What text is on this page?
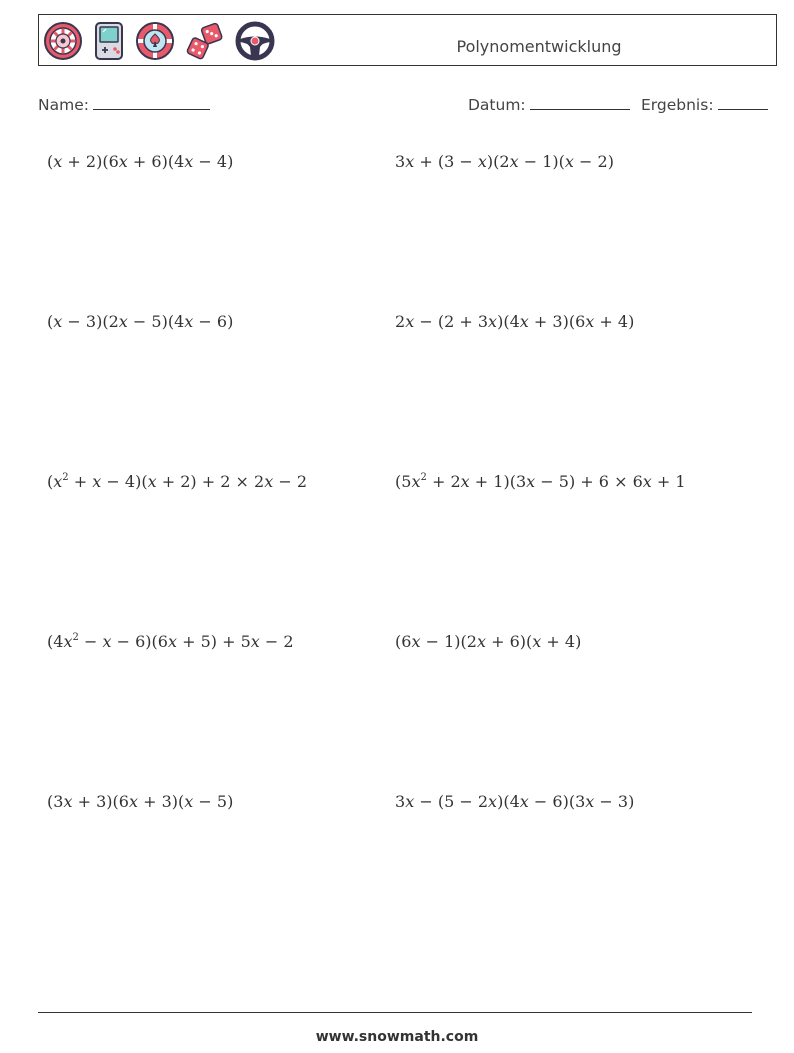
Polynomentwicklung
Name:	Datum:	Ergebnis:
(x + 2)(6x + 6)(4x − 4)	3x + (3 − x)(2x − 1)(x − 2)
(x − 3)(2x − 5)(4x − 6)	2x − (2 + 3x)(4x + 3)(6x + 4)
$(x^2 + x - 4)(x + 2) + 2 \times 2x - 2$	$(5x^2 + 2x + 1)(3x - 5) + 6 \times 6x + 1$
$(4x^2 - x - 6)(6x + 5) + 5x - 2$	(6x − 1)(2x + 6)(x + 4)
(3x + 3)(6x + 3)(x − 5)	3x − (5 − 2x)(4x − 6)(3x − 3)
www.snowmath.com
